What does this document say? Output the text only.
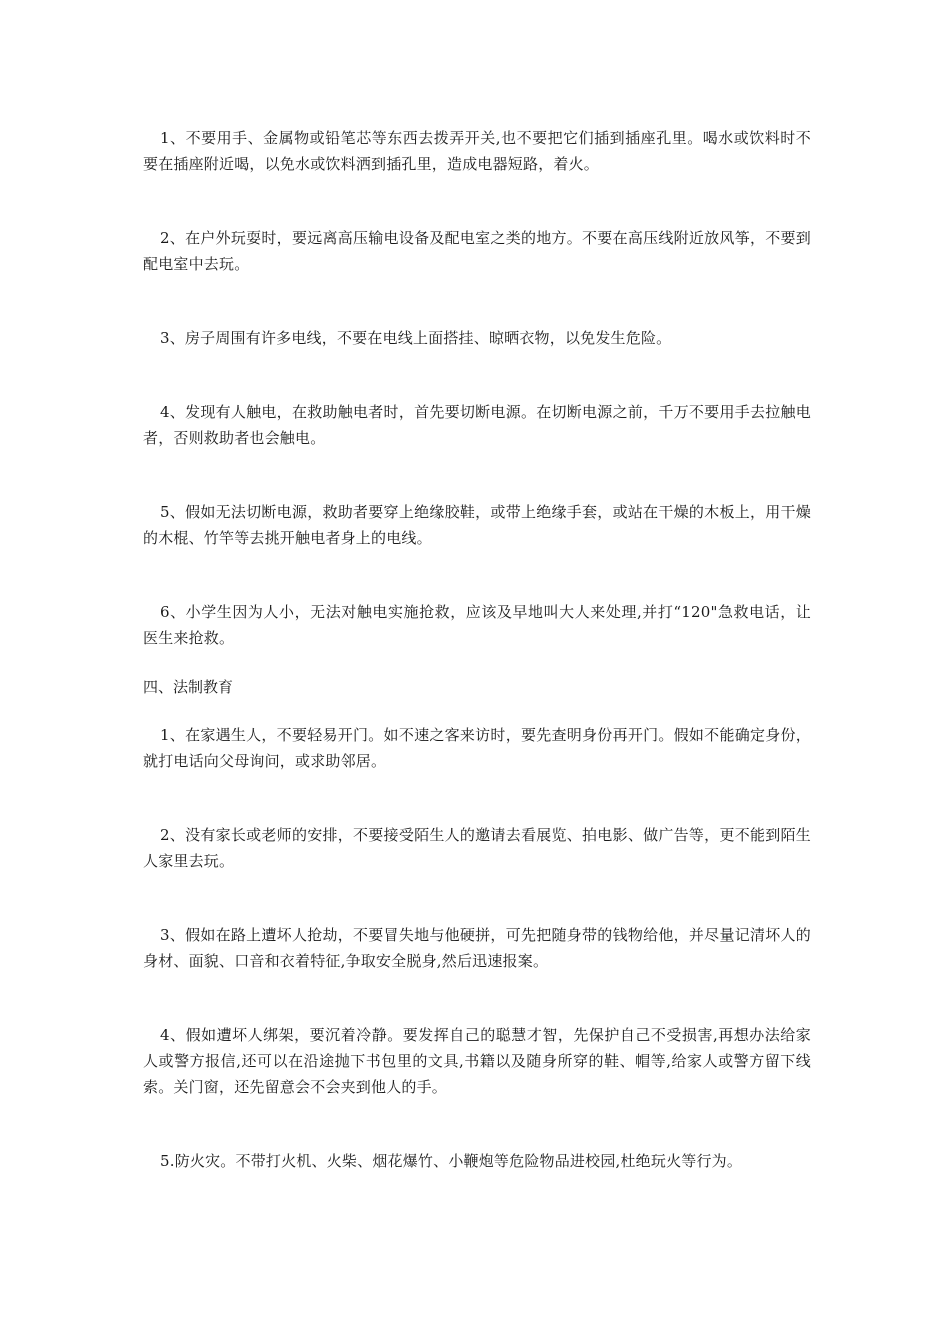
1、不要用手、金属物或铅笔芯等东西去拨弄开关,也不要把它们插到插座孔里。喝水或饮料时不要在插座附近喝，以免水或饮料洒到插孔里，造成电器短路，着火。

2、在户外玩耍时，要远离高压输电设备及配电室之类的地方。不要在高压线附近放风筝，不要到配电室中去玩。

3、房子周围有许多电线，不要在电线上面搭挂、晾晒衣物，以免发生危险。

4、发现有人触电，在救助触电者时，首先要切断电源。在切断电源之前，千万不要用手去拉触电者，否则救助者也会触电。

5、假如无法切断电源，救助者要穿上绝缘胶鞋，或带上绝缘手套，或站在干燥的木板上，用干燥的木棍、竹竿等去挑开触电者身上的电线。

6、小学生因为人小，无法对触电实施抢救，应该及早地叫大人来处理,并打“120"急救电话，让医生来抢救。

四、法制教育

1、在家遇生人，不要轻易开门。如不速之客来访时，要先查明身份再开门。假如不能确定身份，就打电话向父母询问，或求助邻居。

2、没有家长或老师的安排，不要接受陌生人的邀请去看展览、拍电影、做广告等，更不能到陌生人家里去玩。

3、假如在路上遭坏人抢劫，不要冒失地与他硬拼，可先把随身带的钱物给他，并尽量记清坏人的身材、面貌、口音和衣着特征,争取安全脱身,然后迅速报案。

4、假如遭坏人绑架，要沉着冷静。要发挥自己的聪慧才智，先保护自己不受损害,再想办法给家人或警方报信,还可以在沿途抛下书包里的文具,书籍以及随身所穿的鞋、帽等,给家人或警方留下线索。关门窗，还先留意会不会夹到他人的手。

5.防火灾。不带打火机、火柴、烟花爆竹、小鞭炮等危险物品进校园,杜绝玩火等行为。
